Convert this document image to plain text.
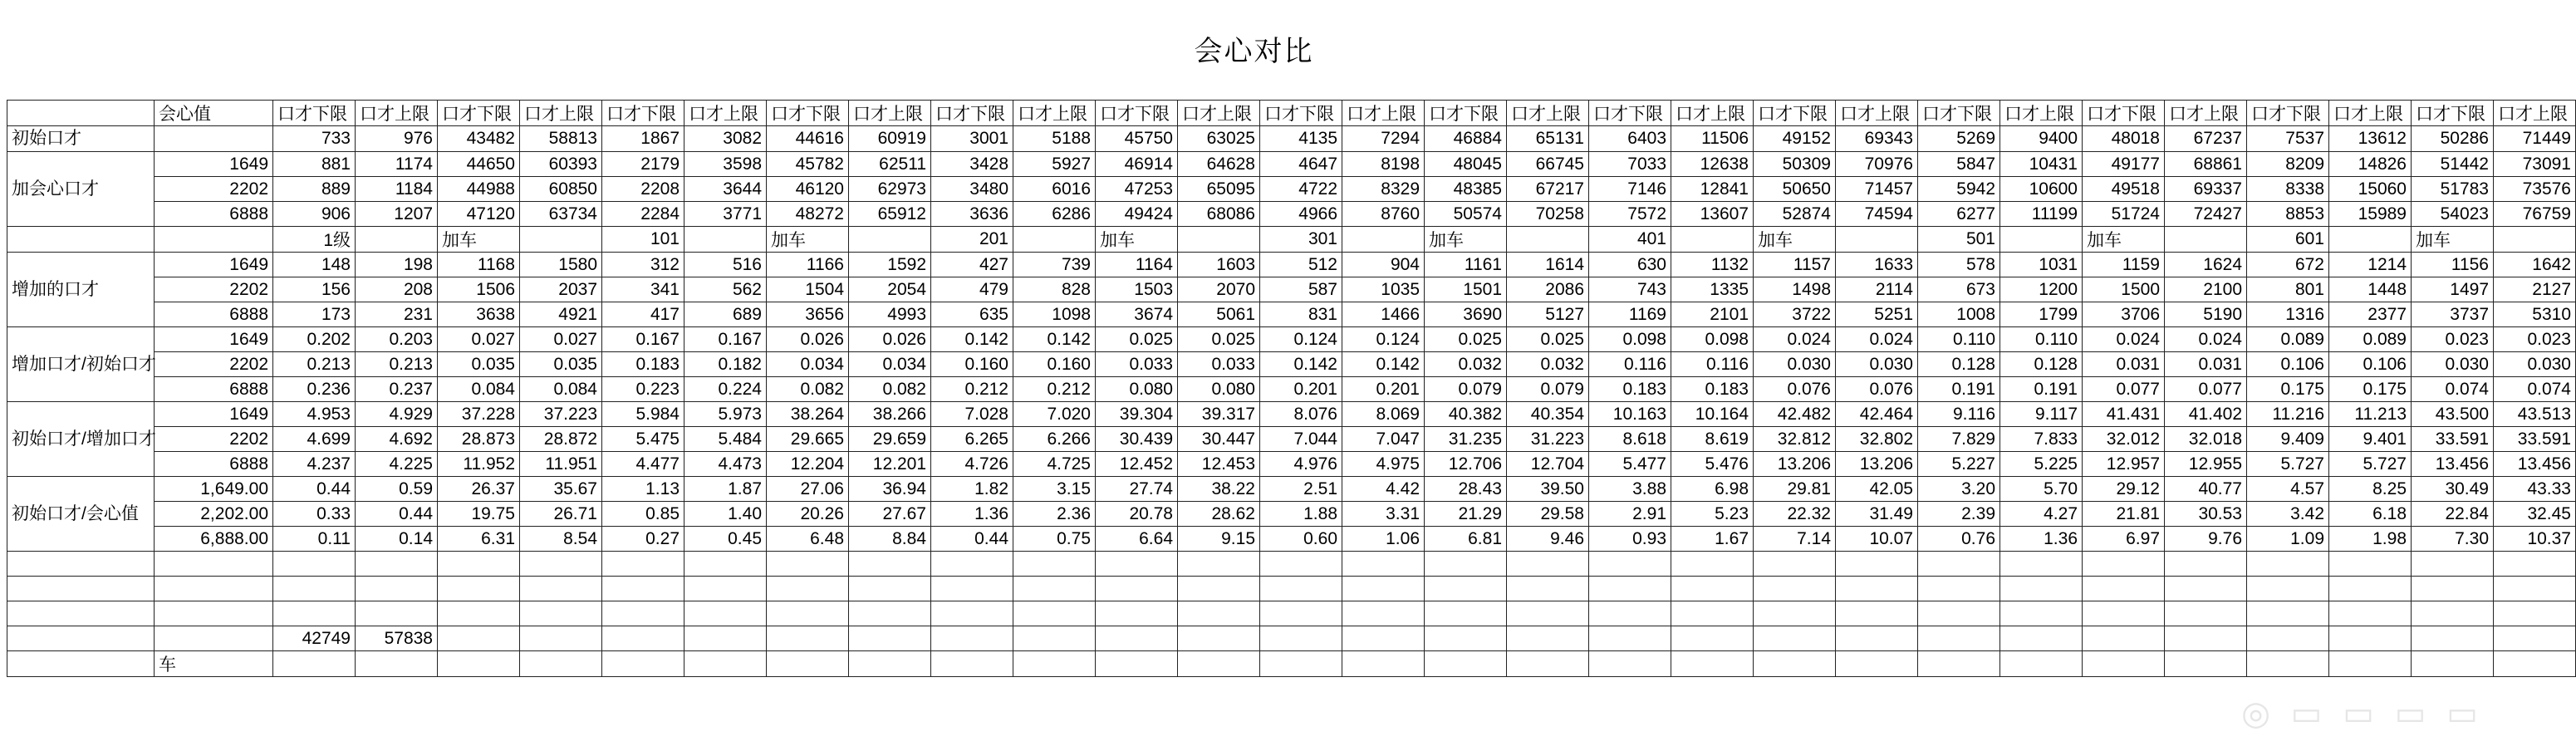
会心对比
	会心值	口才下限	口才上限	口才下限	口才上限	口才下限	口才上限	口才下限	口才上限	口才下限	口才上限	口才下限	口才上限	口才下限	口才上限	口才下限	口才上限	口才下限	口才上限	口才下限	口才上限	口才下限	口才上限	口才下限	口才上限	口才下限	口才上限	口才下限	口才上限
初始口才		733	976	43482	58813	1867	3082	44616	60919	3001	5188	45750	63025	4135	7294	46884	65131	6403	11506	49152	69343	5269	9400	48018	67237	7537	13612	50286	71449
加会心口才	1649	881	1174	44650	60393	2179	3598	45782	62511	3428	5927	46914	64628	4647	8198	48045	66745	7033	12638	50309	70976	5847	10431	49177	68861	8209	14826	51442	73091
	2202	889	1184	44988	60850	2208	3644	46120	62973	3480	6016	47253	65095	4722	8329	48385	67217	7146	12841	50650	71457	5942	10600	49518	69337	8338	15060	51783	73576
	6888	906	1207	47120	63734	2284	3771	48272	65912	3636	6286	49424	68086	4966	8760	50574	70258	7572	13607	52874	74594	6277	11199	51724	72427	8853	15989	54023	76759
		1级		加车		101		加车		201		加车		301		加车		401		加车		501		加车		601		加车	
增加的口才	1649	148	198	1168	1580	312	516	1166	1592	427	739	1164	1603	512	904	1161	1614	630	1132	1157	1633	578	1031	1159	1624	672	1214	1156	1642
	2202	156	208	1506	2037	341	562	1504	2054	479	828	1503	2070	587	1035	1501	2086	743	1335	1498	2114	673	1200	1500	2100	801	1448	1497	2127
	6888	173	231	3638	4921	417	689	3656	4993	635	1098	3674	5061	831	1466	3690	5127	1169	2101	3722	5251	1008	1799	3706	5190	1316	2377	3737	5310
增加口才/初始口才	1649	0.202	0.203	0.027	0.027	0.167	0.167	0.026	0.026	0.142	0.142	0.025	0.025	0.124	0.124	0.025	0.025	0.098	0.098	0.024	0.024	0.110	0.110	0.024	0.024	0.089	0.089	0.023	0.023
	2202	0.213	0.213	0.035	0.035	0.183	0.182	0.034	0.034	0.160	0.160	0.033	0.033	0.142	0.142	0.032	0.032	0.116	0.116	0.030	0.030	0.128	0.128	0.031	0.031	0.106	0.106	0.030	0.030
	6888	0.236	0.237	0.084	0.084	0.223	0.224	0.082	0.082	0.212	0.212	0.080	0.080	0.201	0.201	0.079	0.079	0.183	0.183	0.076	0.076	0.191	0.191	0.077	0.077	0.175	0.175	0.074	0.074
初始口才/增加口才	1649	4.953	4.929	37.228	37.223	5.984	5.973	38.264	38.266	7.028	7.020	39.304	39.317	8.076	8.069	40.382	40.354	10.163	10.164	42.482	42.464	9.116	9.117	41.431	41.402	11.216	11.213	43.500	43.513
	2202	4.699	4.692	28.873	28.872	5.475	5.484	29.665	29.659	6.265	6.266	30.439	30.447	7.044	7.047	31.235	31.223	8.618	8.619	32.812	32.802	7.829	7.833	32.012	32.018	9.409	9.401	33.591	33.591
	6888	4.237	4.225	11.952	11.951	4.477	4.473	12.204	12.201	4.726	4.725	12.452	12.453	4.976	4.975	12.706	12.704	5.477	5.476	13.206	13.206	5.227	5.225	12.957	12.955	5.727	5.727	13.456	13.456
初始口才/会心值	1,649.00	0.44	0.59	26.37	35.67	1.13	1.87	27.06	36.94	1.82	3.15	27.74	38.22	2.51	4.42	28.43	39.50	3.88	6.98	29.81	42.05	3.20	5.70	29.12	40.77	4.57	8.25	30.49	43.33
	2,202.00	0.33	0.44	19.75	26.71	0.85	1.40	20.26	27.67	1.36	2.36	20.78	28.62	1.88	3.31	21.29	29.58	2.91	5.23	22.32	31.49	2.39	4.27	21.81	30.53	3.42	6.18	22.84	32.45
	6,888.00	0.11	0.14	6.31	8.54	0.27	0.45	6.48	8.84	0.44	0.75	6.64	9.15	0.60	1.06	6.81	9.46	0.93	1.67	7.14	10.07	0.76	1.36	6.97	9.76	1.09	1.98	7.30	10.37

		42749	57838																										
	车																												
◎ ▭ ▭ ▭ ▭
